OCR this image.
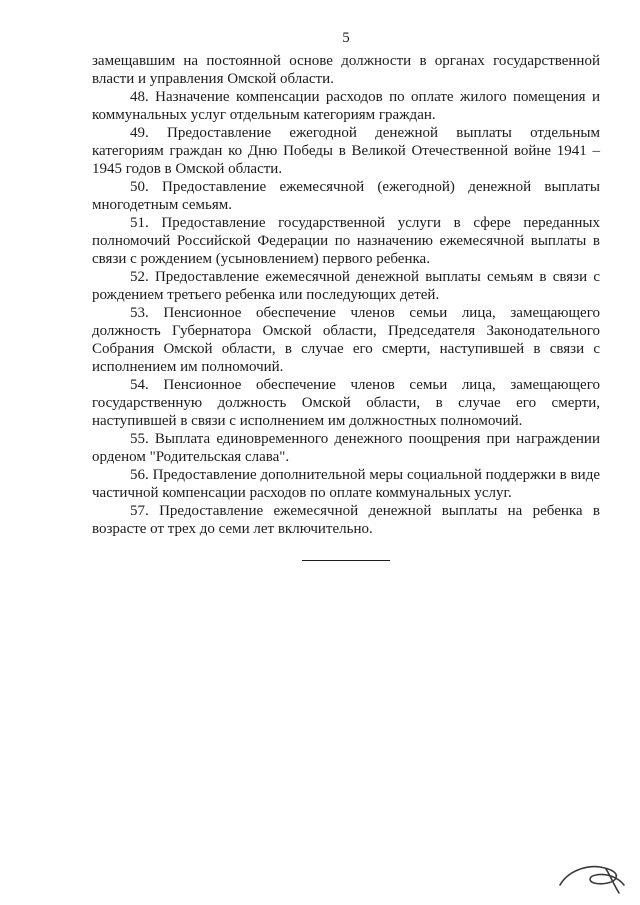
5

замещавшим на постоянной основе должности в органах государственной власти и управления Омской области.

48. Назначение компенсации расходов по оплате жилого помещения и коммунальных услуг отдельным категориям граждан.

49. Предоставление ежегодной денежной выплаты отдельным категориям граждан ко Дню Победы в Великой Отечественной войне 1941 – 1945 годов в Омской области.

50. Предоставление ежемесячной (ежегодной) денежной выплаты многодетным семьям.

51. Предоставление государственной услуги в сфере переданных полномочий Российской Федерации по назначению ежемесячной выплаты в связи с рождением (усыновлением) первого ребенка.

52. Предоставление ежемесячной денежной выплаты семьям в связи с рождением третьего ребенка или последующих детей.

53. Пенсионное обеспечение членов семьи лица, замещающего должность Губернатора Омской области, Председателя Законодательного Собрания Омской области, в случае его смерти, наступившей в связи с исполнением им полномочий.

54. Пенсионное обеспечение членов семьи лица, замещающего государственную должность Омской области, в случае его смерти, наступившей в связи с исполнением им должностных полномочий.

55. Выплата единовременного денежного поощрения при награждении орденом "Родительская слава".

56. Предоставление дополнительной меры социальной поддержки в виде частичной компенсации расходов по оплате коммунальных услуг.

57. Предоставление ежемесячной денежной выплаты на ребенка в возрасте от трех до семи лет включительно.
